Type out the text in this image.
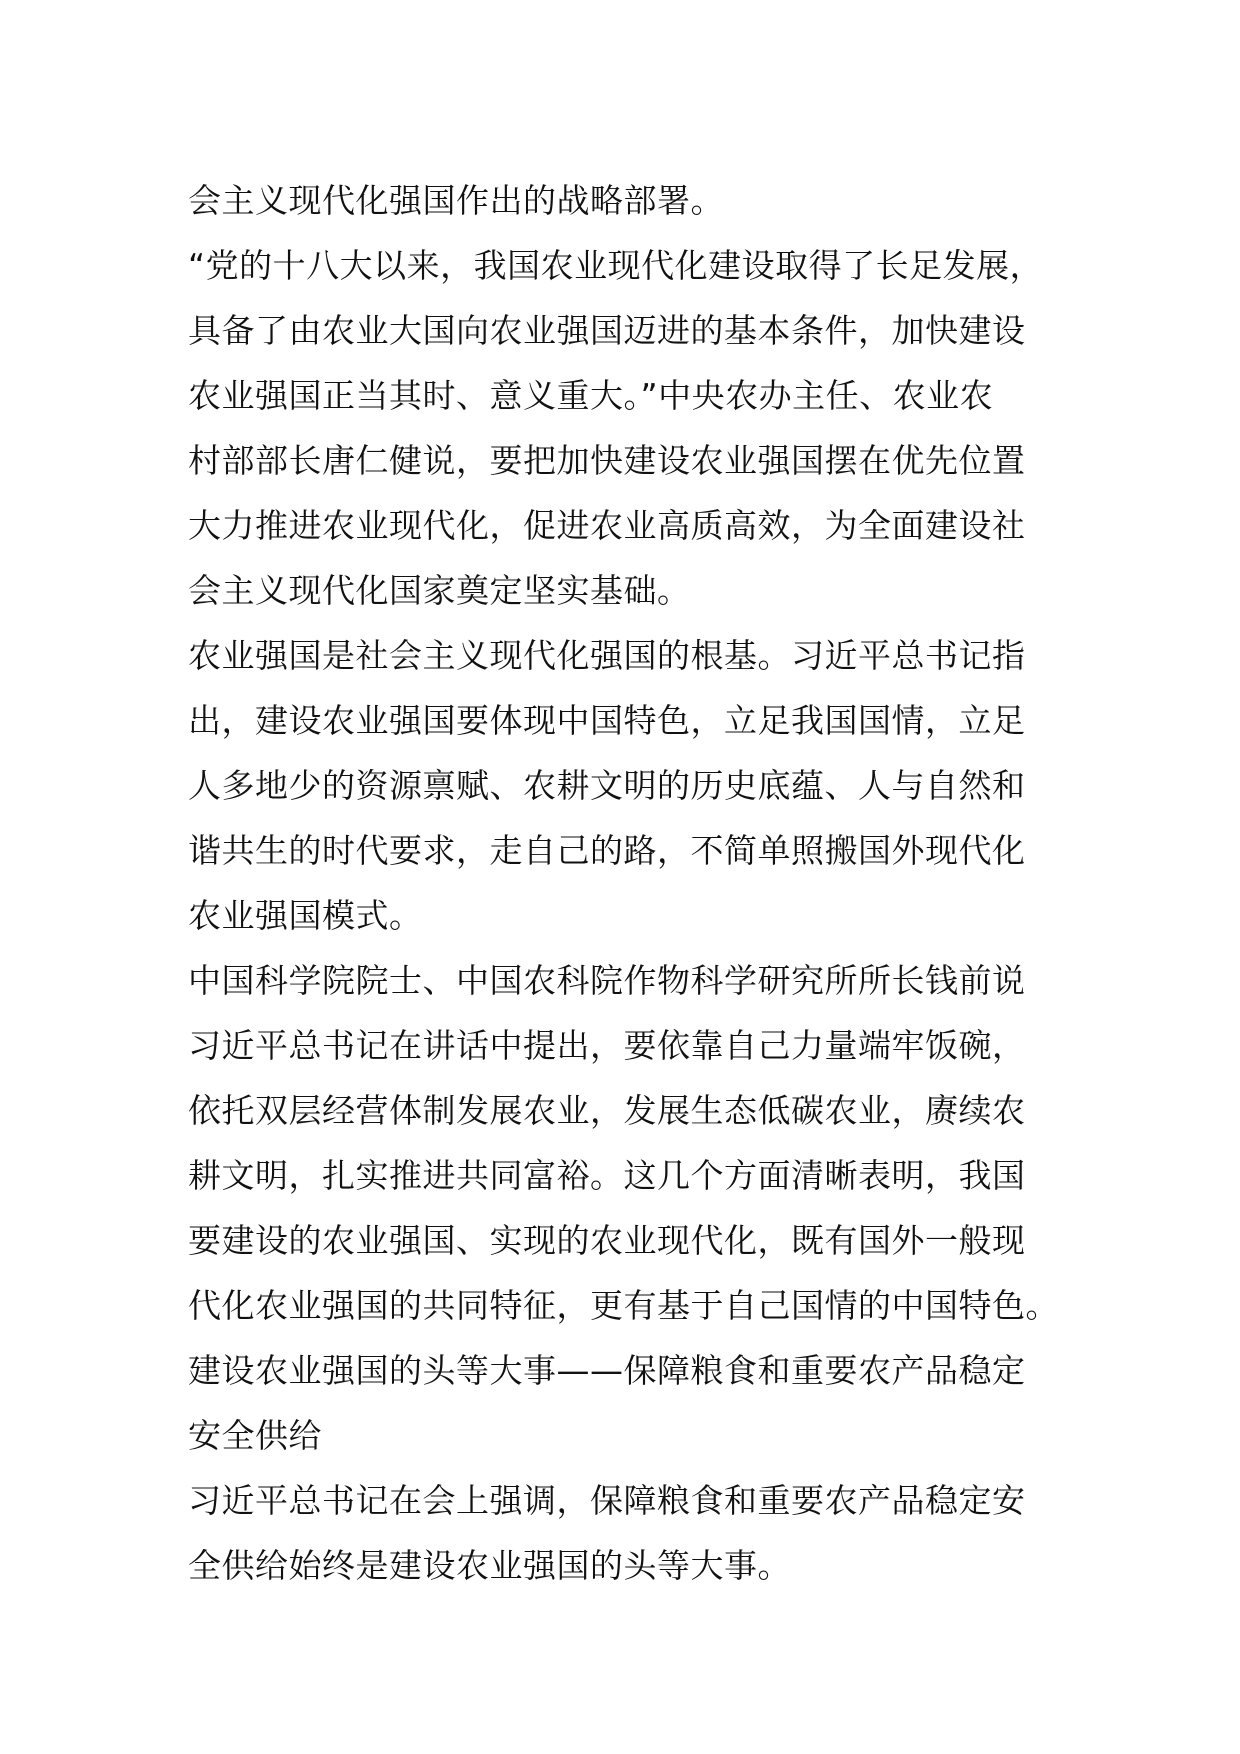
会主义现代化强国作出的战略部署。
“党的十八大以来，我国农业现代化建设取得了长足发展，
具备了由农业大国向农业强国迈进的基本条件，加快建设
农业强国正当其时、意义重大。”中央农办主任、农业农
村部部长唐仁健说，要把加快建设农业强国摆在优先位置
大力推进农业现代化，促进农业高质高效，为全面建设社
会主义现代化国家奠定坚实基础。
农业强国是社会主义现代化强国的根基。习近平总书记指
出，建设农业强国要体现中国特色，立足我国国情，立足
人多地少的资源禀赋、农耕文明的历史底蕴、人与自然和
谐共生的时代要求，走自己的路，不简单照搬国外现代化
农业强国模式。
中国科学院院士、中国农科院作物科学研究所所长钱前说
习近平总书记在讲话中提出，要依靠自己力量端牢饭碗，
依托双层经营体制发展农业，发展生态低碳农业，赓续农
耕文明，扎实推进共同富裕。这几个方面清晰表明，我国
要建设的农业强国、实现的农业现代化，既有国外一般现
代化农业强国的共同特征，更有基于自己国情的中国特色。
建设农业强国的头等大事——保障粮食和重要农产品稳定
安全供给
习近平总书记在会上强调，保障粮食和重要农产品稳定安
全供给始终是建设农业强国的头等大事。
